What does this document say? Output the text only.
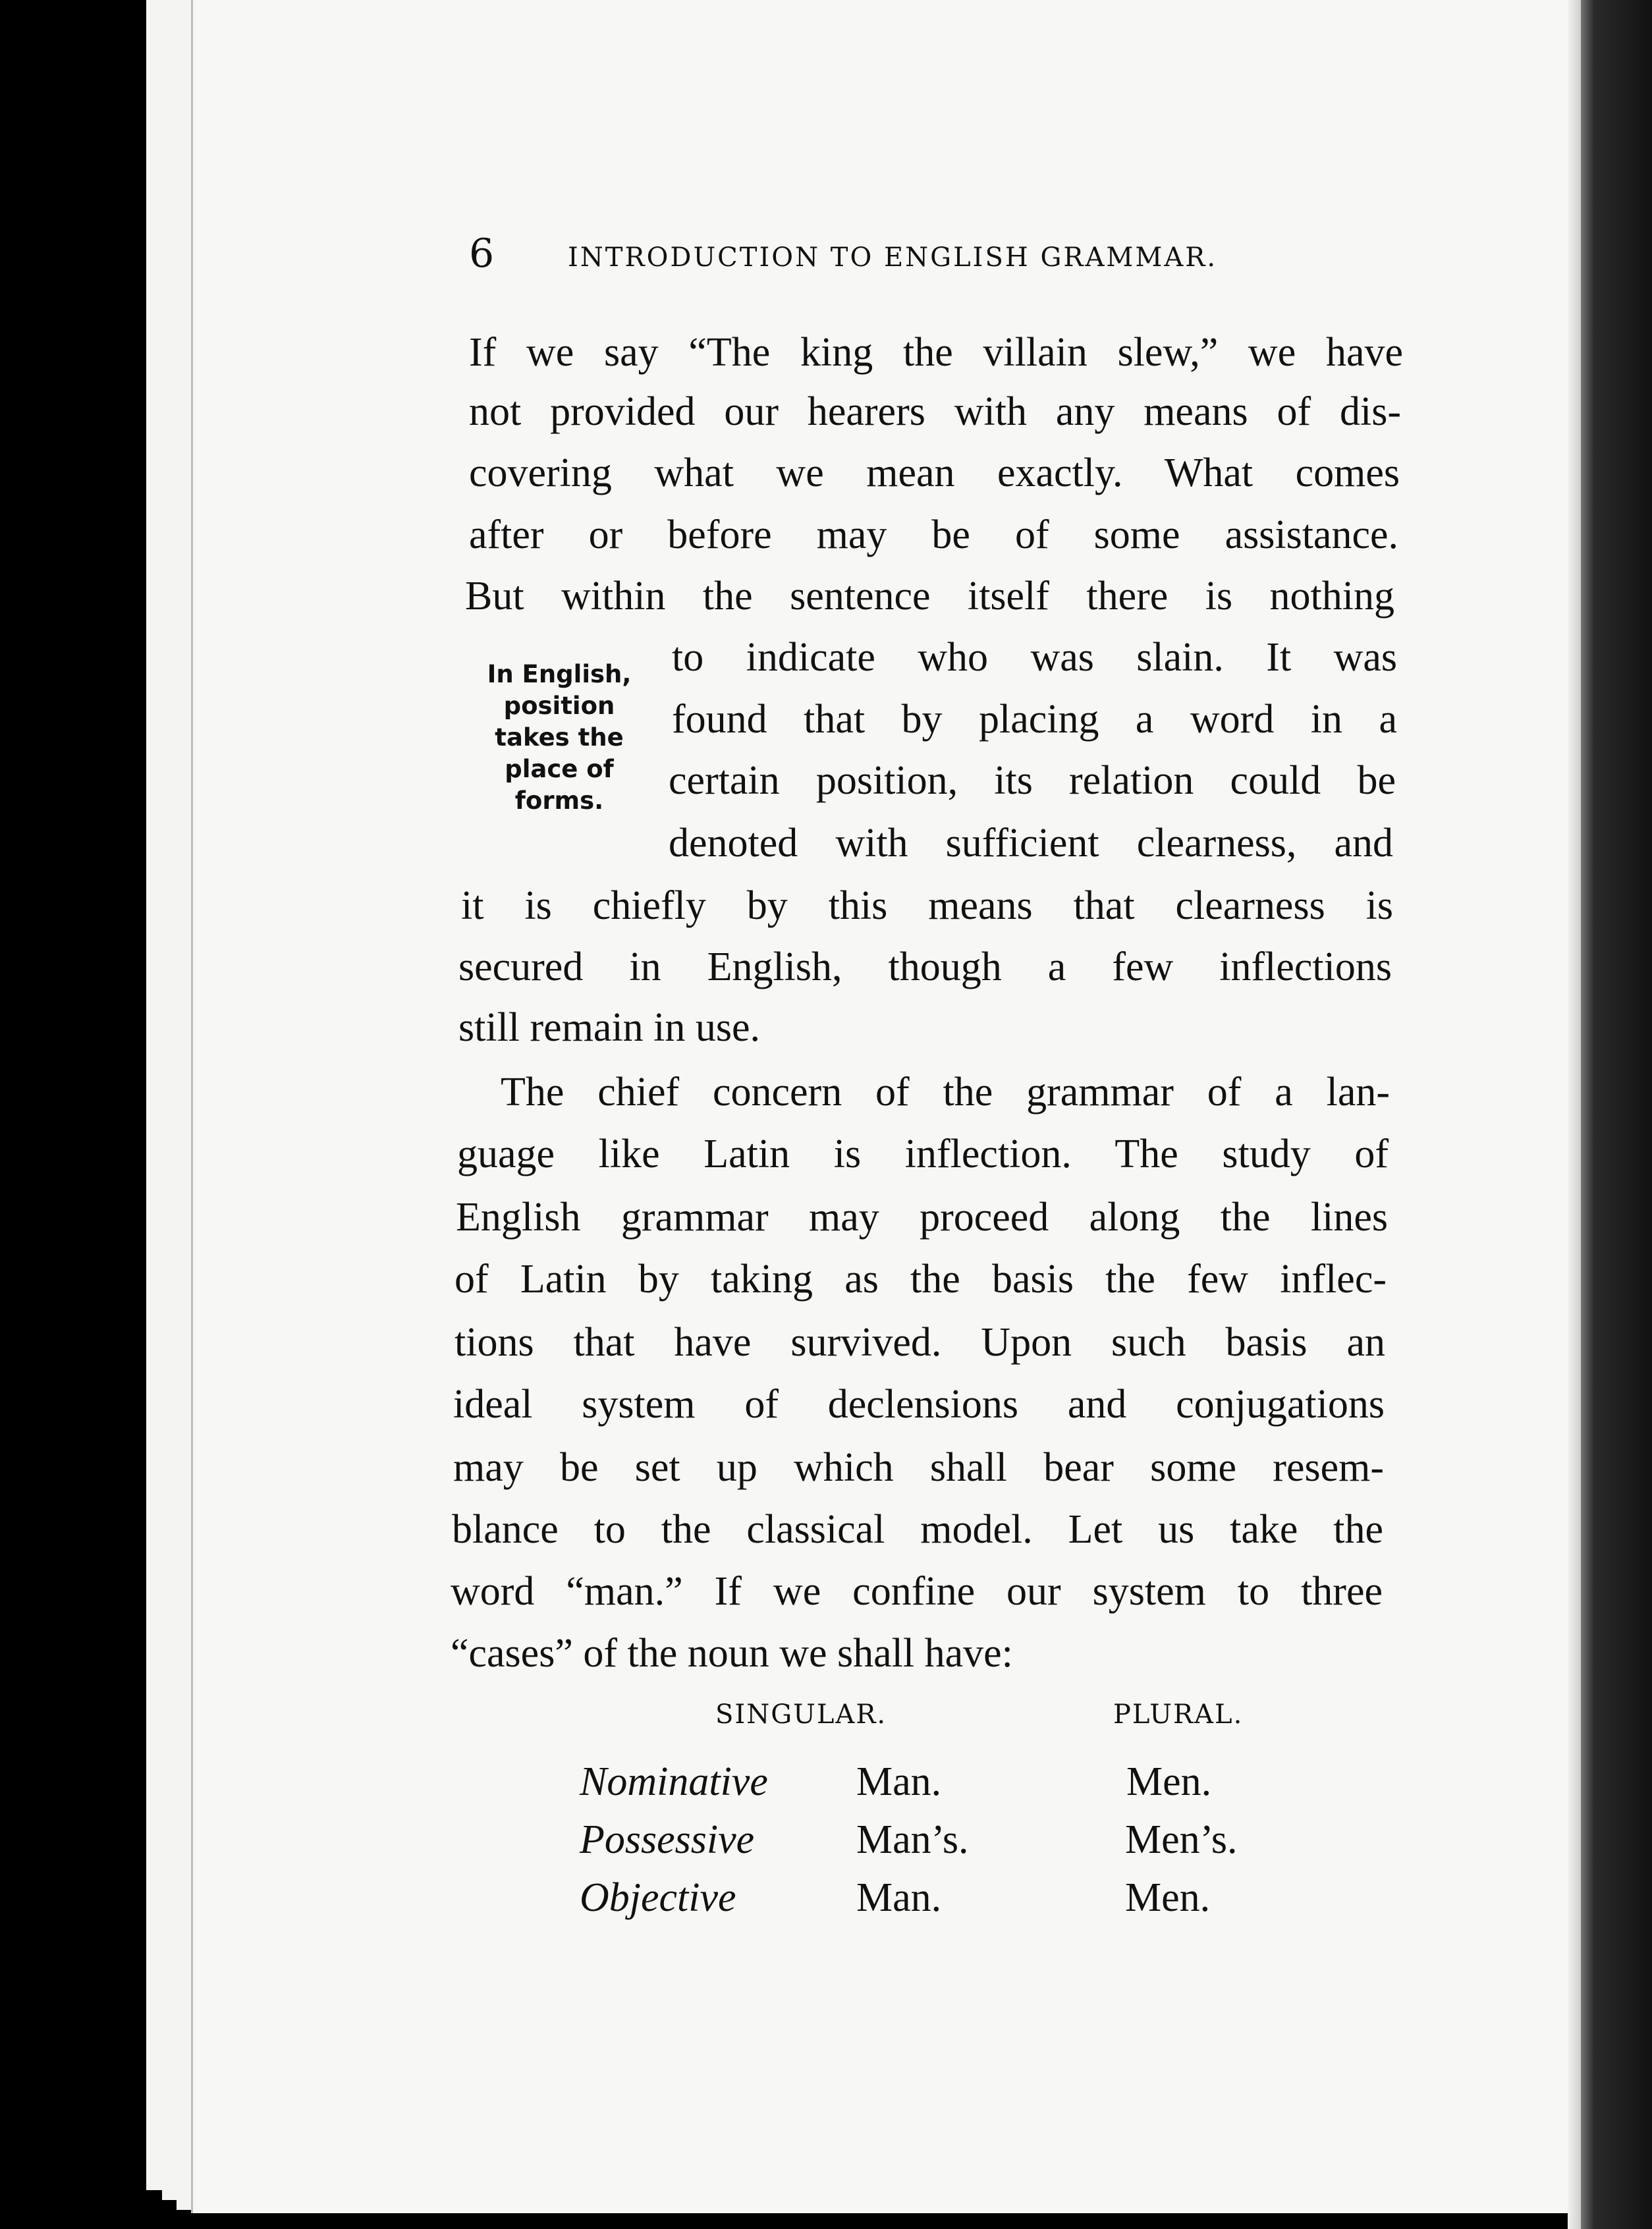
6	INTRODUCTION TO ENGLISH GRAMMAR.
If we say “The king the villain slew,” we have
not provided our hearers with any means of dis-
covering what we mean exactly. What comes
after or before may be of some assistance.
But within the sentence itself there is nothing
to indicate who was slain. It was
found that by placing a word in a
certain position, its relation could be
denoted with sufficient clearness, and
it is chiefly by this means that clearness is
secured in English, though a few inflections
still remain in use.
The chief concern of the grammar of a lan-
guage like Latin is inflection. The study of
English grammar may proceed along the lines
of Latin by taking as the basis the few inflec-
tions that have survived. Upon such basis an
ideal system of declensions and conjugations
may be set up which shall bear some resem-
blance to the classical model. Let us take the
word “man.” If we confine our system to three
“cases” of the noun we shall have:
In English,
position
takes the
place of
forms.
SINGULAR.	PLURAL.
Nominative Man.	Men.
Possessive Man’s.	Men’s.
Objective	Man.	Men.
